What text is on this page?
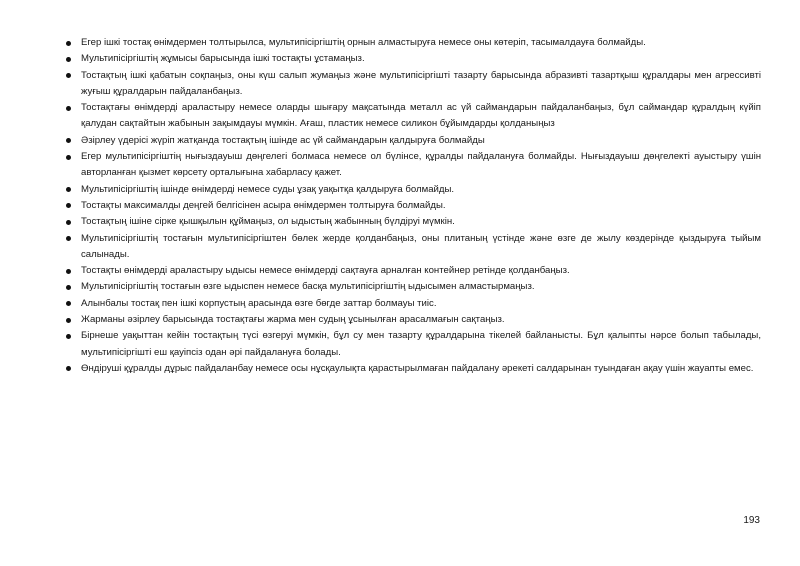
Егер ішкі тостақ өнімдермен толтырылса, мультипісіргіштің орнын алмастыруға немесе оны көтеріп, тасымалдауға болмайды.
Мультипісіргіштің жұмысы барысында ішкі тостақты ұстамаңыз.
Тостақтың ішкі қабатын соқпаңыз, оны күш салып жумаңыз және мультипісіргішті тазарту барысында абразивті тазартқыш құралдары мен агрессивті жуғыш құралдарын пайдаланбаңыз.
Тостақтағы өнімдерді араластыру немесе оларды шығару мақсатында металл ас үй саймандарын пайдаланбаңыз, бұл саймандар құралдың күйіп қалудан сақтайтын жабынын зақымдауы мүмкін. Ағаш, пластик немесе силикон бұйымдарды қолданыңыз
Әзірлеу үдерісі жүріп жатқанда тостақтың ішінде ас үй саймандарын қалдыруға болмайды
Егер мультипісіргіштің нығыздауыш дөңгелегі болмаса немесе ол бүлінсе, құралды пайдалануға болмайды. Нығыздауыш дөңгелекті ауыстыру үшін авторланған қызмет көрсету орталығына хабарласу қажет.
Мультипісіргіштің ішінде өнімдерді немесе суды ұзақ уақытқа қалдыруға болмайды.
Тостақты максималды деңгей белгісінен асыра өнімдермен толтыруға болмайды.
Тостақтың ішіне сірке қышқылын құймаңыз, ол ыдыстың жабынның бүлдіруі мүмкін.
Мультипісіргіштің тостағын мультипісіргіштен бөлек жерде қолданбаңыз, оны плитаның үстінде және өзге де жылу көздерінде қыздыруға тыйым салынады.
Тостақты өнімдерді араластыру ыдысы немесе өнімдерді сақтауға арналған контейнер ретінде қолданбаңыз.
Мультипісіргіштің тостағын өзге ыдыспен немесе басқа мультипісіргіштің ыдысымен алмастырмаңыз.
Алынбалы тостақ пен ішкі корпустың арасында өзге бөгде заттар болмауы тиіс.
Жарманы әзірлеу барысында тостақтағы жарма мен судың ұсынылған арасалмағын сақтаңыз.
Бірнеше уақыттан кейін тостақтың түсі өзгеруі мүмкін, бұл су мен тазарту құралдарына тікелей байланысты. Бұл қалыпты нәрсе болып табылады, мультипісіргішті еш қауіпсіз одан әрі пайдалануға болады.
Өндіруші құралды дұрыс пайдаланбау немесе осы нұсқаулықта қарастырылмаған пайдалану әрекеті салдарынан туындаған ақау үшін жауапты емес.
193
